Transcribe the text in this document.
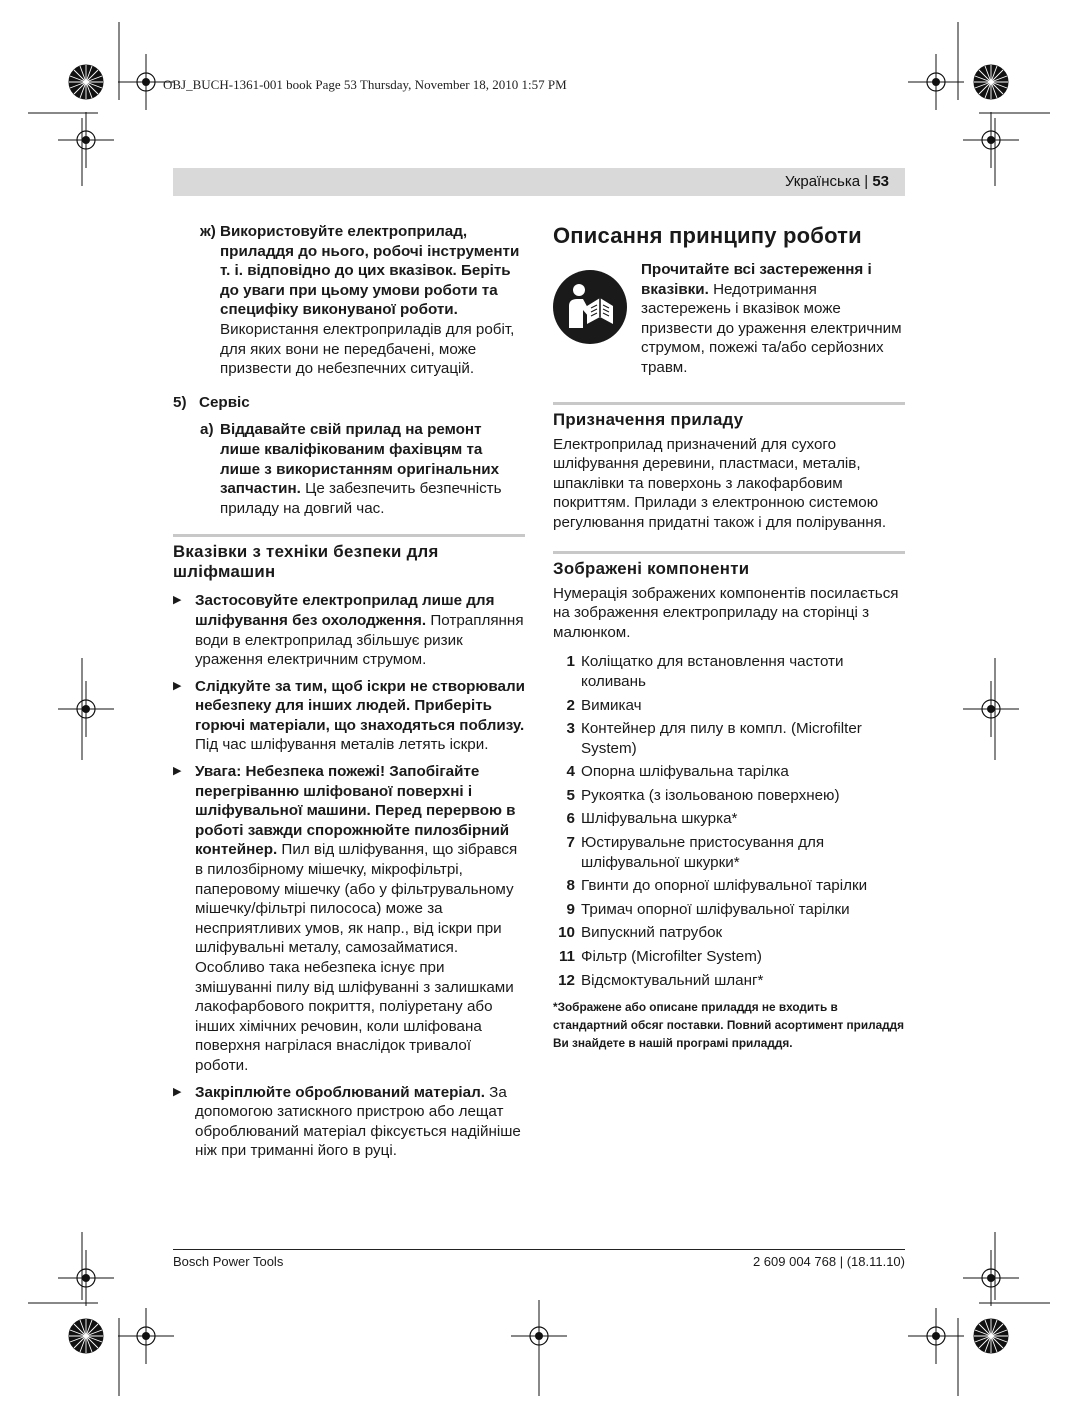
OBJ_BUCH-1361-001 book Page 53 Thursday, November 18, 2010 1:57 PM
Українська | 53
ж) Використовуйте електроприлад, приладдя до нього, робочі інструменти т. і. відповідно до цих вказівок. Беріть до уваги при цьому умови роботи та специфіку виконуваної роботи. Використання електроприладів для робіт, для яких вони не передбачені, може призвести до небезпечних ситуацій.

5) Сервіс
a) Віддавайте свій прилад на ремонт лише кваліфікованим фахівцям та лише з використанням оригінальних запчастин. Це забезпечить безпечність приладу на довгий час.

Вказівки з техніки безпеки для шліфмашин
▶ Застосовуйте електроприлад лише для шліфування без охолодження. Потрапляння води в електроприлад збільшує ризик ураження електричним струмом.

▶ Слідкуйте за тим, щоб іскри не створювали небезпеку для інших людей. Приберіть горючі матеріали, що знаходяться поблизу. Під час шліфування металів летять іскри.

▶ Увага: Небезпека пожежі! Запобігайте перегріванню шліфованої поверхні і шліфувальної машини. Перед перервою в роботі завжди спорожнюйте пилозбірний контейнер. Пил від шліфування, що зібрався в пилозбірному мішечку, мікрофільтрі, паперовому мішечку (або у фільтрувальному мішечку/фільтрі пилососа) може за несприятливих умов, як напр., від іскри при шліфувальні металу, самозайматися. Особливо така небезпека існує при змішуванні пилу від шліфуванні з залишками лакофарбового покриття, поліуретану або інших хімічних речовин, коли шліфована поверхня нагрілася внаслідок тривалої роботи.

▶ Закріплюйте оброблюваний матеріал. За допомогою затискного пристрою або лещат оброблюваний матеріал фіксується надійніше ніж при триманні його в руці.

Описання принципу роботи

Прочитайте всі застереження і вказівки. Недотримання застережень і вказівок може призвести до ураження електричним струмом, пожежі та/або серйозних травм.

Призначення приладу

Електроприлад призначений для сухого шліфування деревини, пластмаси, металів, шпаклівки та поверхонь з лакофарбовим покриттям. Прилади з електронною системою регулювання придатні також і для полірування.

Зображені компоненти

Нумерація зображених компонентів посилається на зображення електроприладу на сторінці з малюнком.

1 Коліщатко для встановлення частоти коливань
2 Вимикач
3 Контейнер для пилу в компл. (Microfilter System)
4 Опорна шліфувальна тарілка
5 Рукоятка (з ізольованою поверхнею)
6 Шліфувальна шкурка*
7 Юстирувальне пристосування для шліфувальної шкурки*
8 Гвинти до опорної шліфувальної тарілки
9 Тримач опорної шліфувальної тарілки
10 Випускний патрубок
11 Фільтр (Microfilter System)
12 Відсмоктувальний шланг*

*Зображене або описане приладдя не входить в стандартний обсяг поставки. Повний асортимент приладдя Ви знайдете в нашій програмі приладдя.

Bosch Power Tools	2 609 004 768 | (18.11.10)
